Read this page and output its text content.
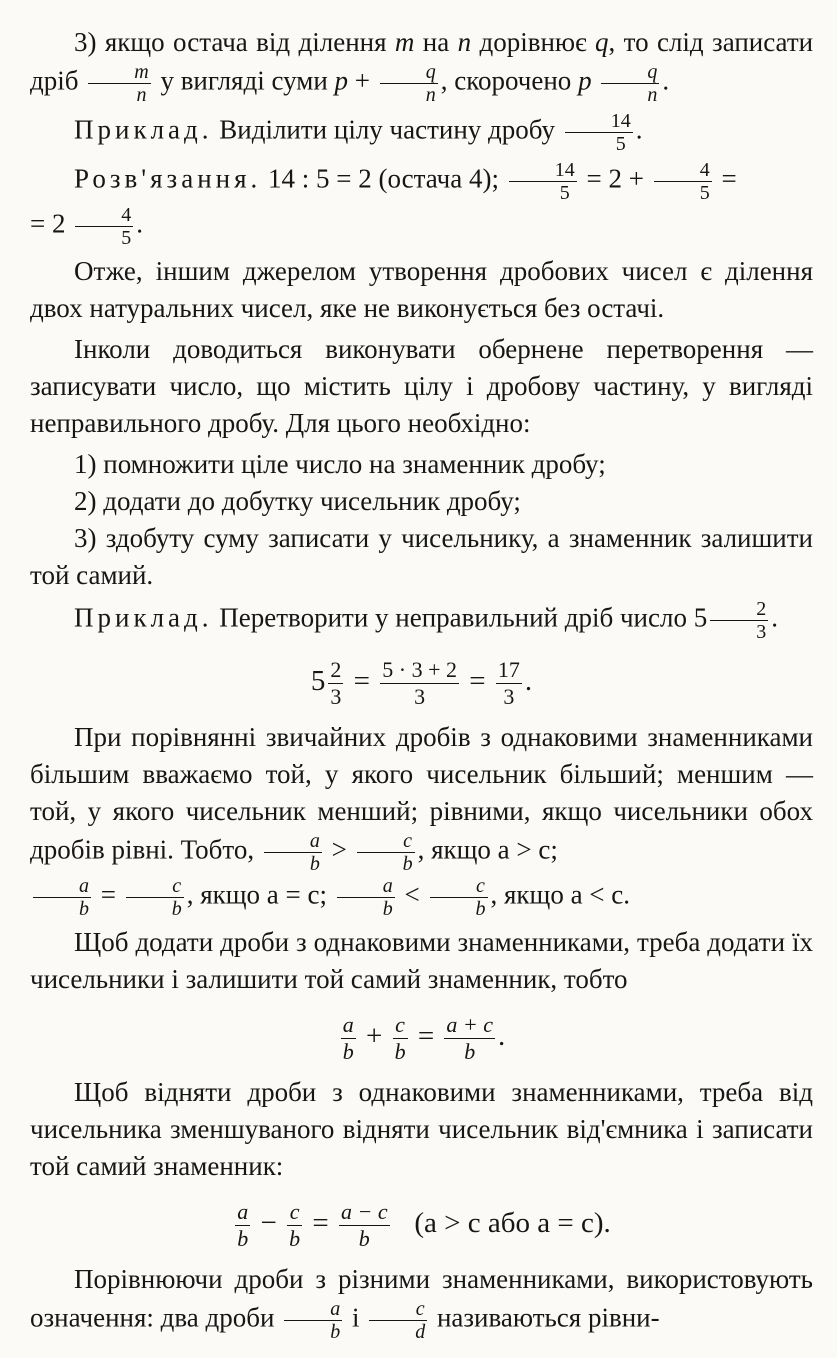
3) якщо остача від ділення m на n дорівнює q, то слід записати дріб $\frac{m}{n}$ у вигляді суми $p + \frac{q}{n}$ , скорочено p $\frac{q}{n}$ .

Приклад. Виділити цілу частину дробу $\frac{14}{5}$ .

Розв'язання. 14 : 5 = 2 (остача 4); $\frac{14}{5} = 2 + \frac{4}{5}$ =
= $2 \frac{4}{5}$ .

Отже, іншим джерелом утворення дробових чисел є ділення двох натуральних чисел, яке не виконується без остачі.

Інколи доводиться виконувати обернене перетворення — записувати число, що містить цілу і дробову частину, у вигляді неправильного дробу. Для цього необхідно:

1) помножити ціле число на знаменник дробу;

2) додати до добутку чисельник дробу;

3) здобуту суму записати у чисельнику, а знаменник залишити той самий.

Приклад. Перетворити у неправильний дріб число $5 \frac{2}{3}$ .

$5 \frac{2}{3} = \frac{5 \cdot 3 + 2}{3} = \frac{17}{3}$ .

При порівнянні звичайних дробів з однаковими знаменниками більшим вважаємо той, у якого чисельник більший; меншим — той, у якого чисельник менший; рівними, якщо чисельники обох дробів рівні. Тобто, $\frac{a}{b} > \frac{c}{b}$ , якщо a > c;

$\frac{a}{b} = \frac{c}{b}$ , якщо a = c; $\frac{a}{b} < \frac{c}{b}$ , якщо a < c.

Щоб додати дроби з однаковими знаменниками, треба додати їх чисельники і залишити той самий знаменник, тобто

$\frac{a}{b} + \frac{c}{b} = \frac{a + c}{b}$ .

Щоб відняти дроби з однаковими знаменниками, треба від чисельника зменшуваного відняти чисельник від'ємника і записати той самий знаменник:

$\frac{a}{b} - \frac{c}{b} = \frac{a - c}{b} (a > c$ або a = c).

Порівнюючи дроби з різними знаменниками, використовують означення: два дроби $\frac{a}{b}$ і $\frac{c}{d}$ називаються рівни-
